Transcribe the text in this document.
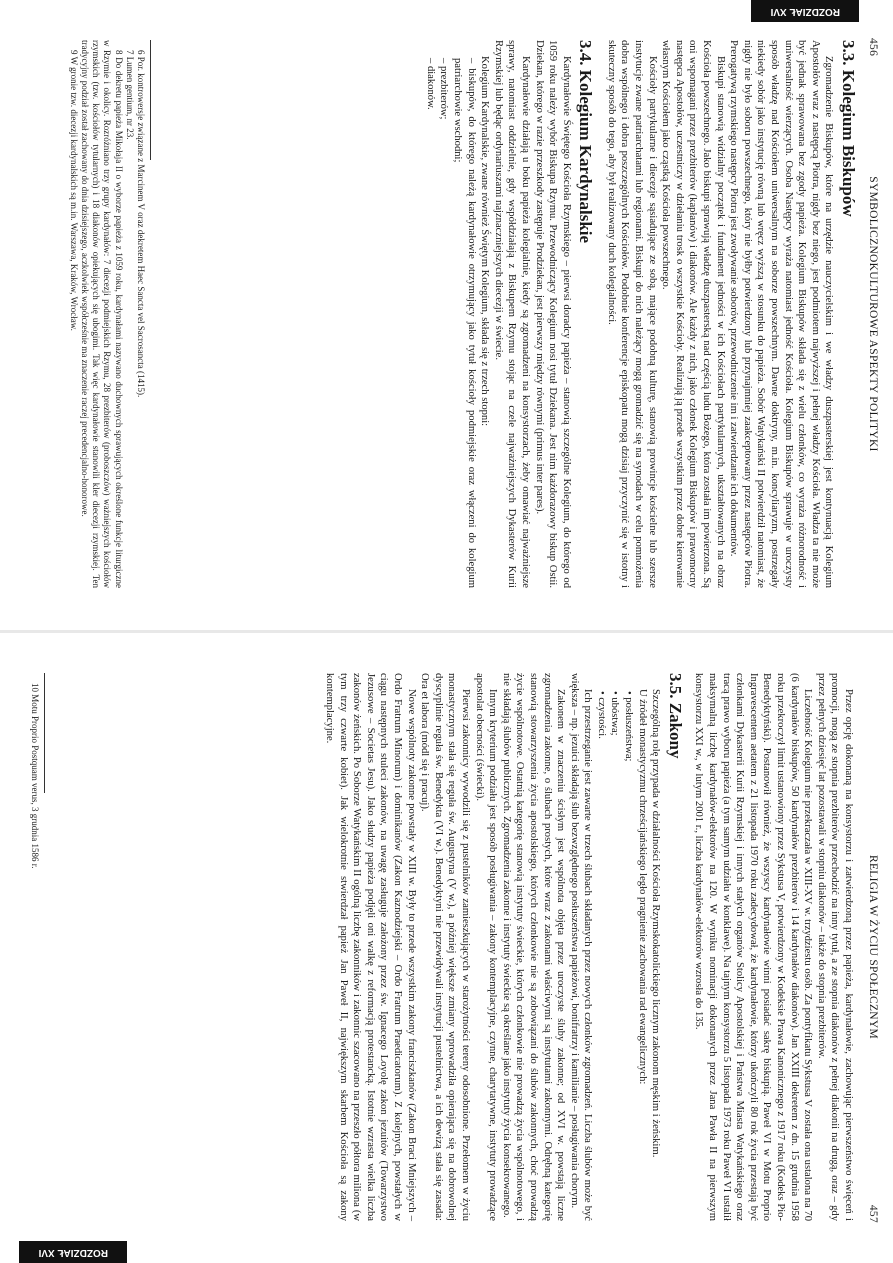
456
SYMBOLICZNOKULTUROWE ASPEKTY POLITYKI
ROZDZIAŁ XVI
3.3. Kolegium Biskupów

Zgromadzenie Biskupów, które na urzędzie nauczycielskim i we władzy duszpasterskiej jest kontynuacją Kolegium Apostołów wraz z następcą Piotra, nigdy bez niego, jest podmiotem najwyższej i pełnej władzy Kościoła. Władza ta nie może być jednak sprawowana bez zgody papieża. Kolegium Biskupów składa się z wielu członków, co wyraża różnorodność i uniwersalność wierzących. Osoba Następcy wyraża natomiast jedność Kościoła. Kolegium Biskupów sprawuje w uroczysty sposób władzę nad Kościołem uniwersalnym na soborze powszechnym. Dawne doktryny, m.in. koncyliaryzm, postrzegały niekiedy sobór jako instytucję równą lub wręcz wyższą w stosunku do papieża. Sobór Watykański II potwierdził natomiast, że nigdy nie było soboru powszechnego, który nie byłby potwierdzony lub przynajmniej zaakceptowany przez następców Piotra. Prerogatywą rzymskiego następcy Piotra jest zwoływanie soborów, przewodniczenie im i zatwierdzanie ich dokumentów.

Biskupi stanowią widzialny początek i fundament jedności w ich Kościołach partykularnych, ukształtowanych na obraz Kościoła powszechnego. Jako biskupi sprawują władzę duszpasterską nad częścią ludu Bożego, która została im powierzona. Są oni wspomagani przez prezbiterów (kapłanów) i diakonów. Ale każdy z nich, jako członek Kolegium Biskupów i prawomocny następca Apostołów, uczestniczy w dziełaniu trosk o wszystkie Kościoły. Realizują ją przede wszystkim przez dobre kierowanie własnym Kościołem jako cząstką Kościoła powszechnego.

Kościoły partykularne i diecezje sąsiadujące ze sobą, mające podobną kulturę, stanowią prowincje kościelne lub szersze instytucje zwane patriarchatami lub regionami. Biskupi do nich należący mogą gromadzić się na synodach w celu pomnożenia dobra wspólnego i dobra poszczególnych Kościołów. Podobnie konferencje episkopatu mogą dzisiaj przyczynić się w istotny i skuteczny sposób do tego, aby był realizowany duch kolegialności.

3.4. Kolegium Kardynalskie

Kardynałowie Świętego Kościoła Rzymskiego – pierwsi doradcy papieża – stanowią szczególne Kolegium, do którego od 1059 roku należy wybór Biskupa Rzymu. Przewodniczący Kolegium nosi tytuł Dziekana. Jest nim każdorazowy biskup Ostii. Dziekan, którego w razie przeszkody zastępuje Prodziekan, jest pierwszy między równymi (primus inter pares).

Kardynałowie działają u boku papieża kolegialnie, kiedy są zgromadzeni na konsystorzach, żeby omawiać najważniejsze sprawy, natomiast oddzielnie, gdy współdziałają z Biskupem Rzymu stojąc na czele najważniejszych Dykasterów Kurii Rzymskiej lub będąc ordynariuszami najznaczniejszych diecezji w świecie.

Kolegium Kardynalskie, zwane również Świętym Kolegium, składa się z trzech stopni:

– biskupów, do którego należą kardynałowie otrzymujący jako tytuł kościoły podmiejskie oraz włączeni do kolegium patriarchowie wschodni;
– prezbiterów;
– diakonów.

6 Por. kontrowersje związane z Marcinem V oraz dekretem Haec Sancta vel Sacrosancta (1415).

7 Lumen gentium, nr 23.

8 Do dekretu papieża Mikołaja II o wyborze papieża z 1059 roku, kardynałami nazywano duchownych sprawujących określone funkcje liturgiczne w Rzymie i okolicy. Rozróżniano trzy grupy kardynałów: 7 diecezji podmiejskich Rzymu, 28 prezbiterów (proboszczów) ważniejszych kościołów rzymskich (tzw. kościołów tytularnych) i 18 diakonów opiekujących się ubogimi. Tak więc kardynałowie stanowili kler diecezji rzymskiej. Ten tradycyjny podział został zachowany do dnia dzisiejszego, aczkolwiek współcześnie ma znaczenie raczej precedencjalno-honorowe.

9 W gronie tzw. diecezji kardynalskich są m.in. Warszawa, Kraków, Wrocław.

RELIGIA W ŻYCIU SPOŁECZNYM
457
ROZDZIAŁ XVI

Przez opcję dokonaną na konsystorzu i zatwierdzoną przez papieża, kardynałowie, zachowując pierwszeństwo święceń i promocji, mogą ze stopnia prezbiterów przechodzić na inny tytuł, a ze stopnia diakonów z pełnej diakonii na drugą, oraz – gdy przez pełnych dziesięć lat pozostawali w stopniu diakonów – także do stopnia prezbiterów.

Liczebność Kolegium nie przekraczała w XIII-XV w. trzydziestu osób. Za pontyfikatu Sykstusa V została ona ustalona na 70 (6 kardynałów biskupów, 50 kardynałów prezbiterów i 14 kardynałów diakonów). Jan XXIII dekretem z dn. 15 grudnia 1958 roku przekroczył limit ustanowiony przez Sykstusa V, potwierdzony w Kodeksie Prawa Kanonicznego z 1917 roku (Kodeks Pio-Benedyktyński). Postanowił również, że wszyscy kardynałowie winni posiadać sakrę biskupią. Paweł VI w Motu Proprio Ingravescentem aetatem z 21 listopada 1970 roku zadecydował, że kardynałowie, którzy ukończyli 80 rok życia przestają być członkami Dykasterii Kurii Rzymskiej i innych stałych organów Stolicy Apostolskiej i Państwa Miasta Watykańskiego oraz tracą prawo wyboru papieża (a tym samym udziału w konklawe). Na tajnym konsystorzu 5 listopada 1973 roku Paweł VI ustalił maksymalną liczbę kardynałów-elektorów na 120. W wyniku nominacji dokonanych przez Jana Pawła II na pierwszym konsystorzu XXI w., w lutym 2001 r., liczba kardynałów-elektorów wzrosła do 135.

3.5. Zakony

Szczególną rolę przypada w działalności Kościoła Rzymskokatolickiego licznym zakonom męskim i żeńskim.

U źródeł monastycyzmu chrześcijańskiego legło pragnienie zachowania rad ewangelicznych:

• posłuszeństwa;
• ubóstwa;
• czystości.

Ich przestrzeganie jest zawarte w trzech ślubach składanych przez nowych członków zgromadzeń. Liczba ślubów może być większa – np. jezuici składają ślub bezwzględnego posłuszeństwa papieżowi, bonifratrzy i kamilianie – posługiwania chorym.

Zakonem w znaczeniu ścisłym jest wspólnota objęta przez uroczyste śluby zakonne; od XVI w. powstają liczne zgromadzenia zakonne, o ślubach prostych, które wraz z zakonami właściwymi są instytutami zakonnymi. Odrębną kategorię stanowią stowarzyszenia życia apostolskiego, których członkowie nie są zobowiązani do ślubów zakonnych, choć prowadzą życie wspólnotowe. Ostatnią kategorię stanowią instytuty świeckie, których członkowie nie prowadzą życia wspólnotowego, i nie składają ślubów publicznych. Zgromadzenia zakonne i instytuty świeckie są określane jako instytuty życia konsekrowanego.

Innym kryterium podziału jest sposób posługiwania – zakony kontemplacyjne, czynne, charytatywne, instytuty prowadzące apostolat obecności (świecki).

Pierwsi zakonnicy wywodzili się z pustelników zamieszkujących w starożytności tereny odosobnione. Przełomem w życiu monastycznym stała się reguła św. Augustyna (V w.), a później większe zmiany wprowadziła opierająca się na dobrowolnej dyscyplinie reguła św. Benedykta (VI w.). Benedyktyni nie przewidywali instytucji pustelnictwa, a ich dewizą stała się zasada: Ora et labora (módl się i pracuj).

Nowe wspólnoty zakonne powstały w XIII w. Były to przede wszystkim zakony franciszkanów (Zakon Braci Mniejszych – Ordo Fratrum Minorum) i dominikanów (Zakon Kaznodziejski – Ordo Fratrum Praedicatorum). Z kolejnych, powstałych w ciągu następnych stuleci zakonów, na uwagę zasługuje założony przez św. Ignacego Loyolę zakon jezuitów (Towarzystwo Jezusowe – Societas Jesu). Jako słudzy papieża podjęli oni walkę z reformacją protestancką. Istotnie wzrasta wielka liczba zakonów żeńskich. Po Soborze Watykańskim II ogólną liczbę zakonników i zakonnic szacowano na przeszło półtora miliona (w tym trzy czwarte kobiet). Jak wielokrotnie stwierdzał papież Jan Paweł II, największym skarbem Kościoła są zakony kontemplacyjne.

10 Motu Proprio Postquam verus, 3 grudnia 1586 r.
